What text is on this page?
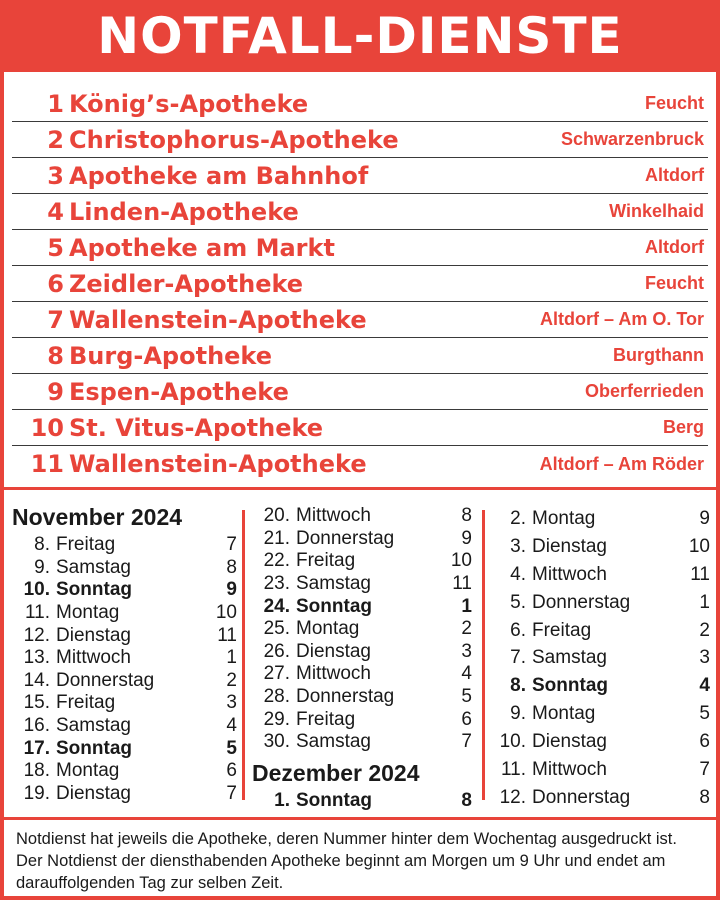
NOTFALL-DIENSTE
1 König’s-Apotheke	Feucht
2 Christophorus-Apotheke	Schwarzenbruck
3 Apotheke am Bahnhof	Altdorf
4 Linden-Apotheke	Winkelhaid
5 Apotheke am Markt	Altdorf
6 Zeidler-Apotheke	Feucht
7 Wallenstein-Apotheke	Altdorf – Am O. Tor
8 Burg-Apotheke	Burgthann
9 Espen-Apotheke	Oberferrieden
10 St. Vitus-Apotheke	Berg
11 Wallenstein-Apotheke	Altdorf – Am Röder
November 2024
8. Freitag	7
9. Samstag	8
10. Sonntag	9
11. Montag	10
12. Dienstag	11
13. Mittwoch	1
14. Donnerstag	2
15. Freitag	3
16. Samstag	4
17. Sonntag	5
18. Montag	6
19. Dienstag	7
20. Mittwoch	8
21. Donnerstag	9
22. Freitag	10
23. Samstag	11
24. Sonntag	1
25. Montag	2
26. Dienstag	3
27. Mittwoch	4
28. Donnerstag	5
29. Freitag	6
30. Samstag	7
Dezember 2024
1. Sonntag	8
2. Montag	9
3. Dienstag	10
4. Mittwoch	11
5. Donnerstag	1
6. Freitag	2
7. Samstag	3
8. Sonntag	4
9. Montag	5
10. Dienstag	6
11. Mittwoch	7
12. Donnerstag	8
Notdienst hat jeweils die Apotheke, deren Nummer hinter dem Wochentag ausgedruckt ist. Der Notdienst der diensthabenden Apotheke beginnt am Morgen um 9 Uhr und endet am darauffolgenden Tag zur selben Zeit.
